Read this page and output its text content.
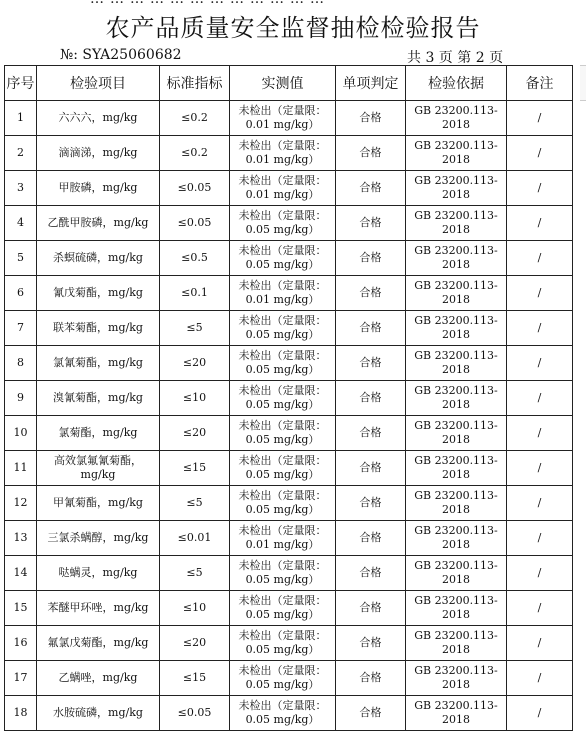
农产品质量安全监督抽检检验报告
№: SYA25060682	共 3 页 第 2 页
序号	检验项目	标准指标	实测值	单项判定	检验依据	备注
1	六六六，mg/kg	≤0.2	未检出（定量限：0.01 mg/kg）	合格	GB 23200.113-2018	/
2	滴滴涕，mg/kg	≤0.2	未检出（定量限：0.01 mg/kg）	合格	GB 23200.113-2018	/
3	甲胺磷，mg/kg	≤0.05	未检出（定量限：0.01 mg/kg）	合格	GB 23200.113-2018	/
4	乙酰甲胺磷，mg/kg	≤0.05	未检出（定量限：0.05 mg/kg）	合格	GB 23200.113-2018	/
5	杀螟硫磷，mg/kg	≤0.5	未检出（定量限：0.05 mg/kg）	合格	GB 23200.113-2018	/
6	氰戊菊酯，mg/kg	≤0.1	未检出（定量限：0.01 mg/kg）	合格	GB 23200.113-2018	/
7	联苯菊酯，mg/kg	≤5	未检出（定量限：0.05 mg/kg）	合格	GB 23200.113-2018	/
8	氯氰菊酯，mg/kg	≤20	未检出（定量限：0.05 mg/kg）	合格	GB 23200.113-2018	/
9	溴氰菊酯，mg/kg	≤10	未检出（定量限：0.05 mg/kg）	合格	GB 23200.113-2018	/
10	氯菊酯，mg/kg	≤20	未检出（定量限：0.05 mg/kg）	合格	GB 23200.113-2018	/
11	高效氯氟氰菊酯，mg/kg	≤15	未检出（定量限：0.05 mg/kg）	合格	GB 23200.113-2018	/
12	甲氰菊酯，mg/kg	≤5	未检出（定量限：0.05 mg/kg）	合格	GB 23200.113-2018	/
13	三氯杀螨醇，mg/kg	≤0.01	未检出（定量限：0.01 mg/kg）	合格	GB 23200.113-2018	/
14	哒螨灵，mg/kg	≤5	未检出（定量限：0.05 mg/kg）	合格	GB 23200.113-2018	/
15	苯醚甲环唑，mg/kg	≤10	未检出（定量限：0.05 mg/kg）	合格	GB 23200.113-2018	/
16	氟氯戊菊酯，mg/kg	≤20	未检出（定量限：0.05 mg/kg）	合格	GB 23200.113-2018	/
17	乙螨唑，mg/kg	≤15	未检出（定量限：0.05 mg/kg）	合格	GB 23200.113-2018	/
18	水胺硫磷，mg/kg	≤0.05	未检出（定量限：0.05 mg/kg）	合格	GB 23200.113-2018	/
